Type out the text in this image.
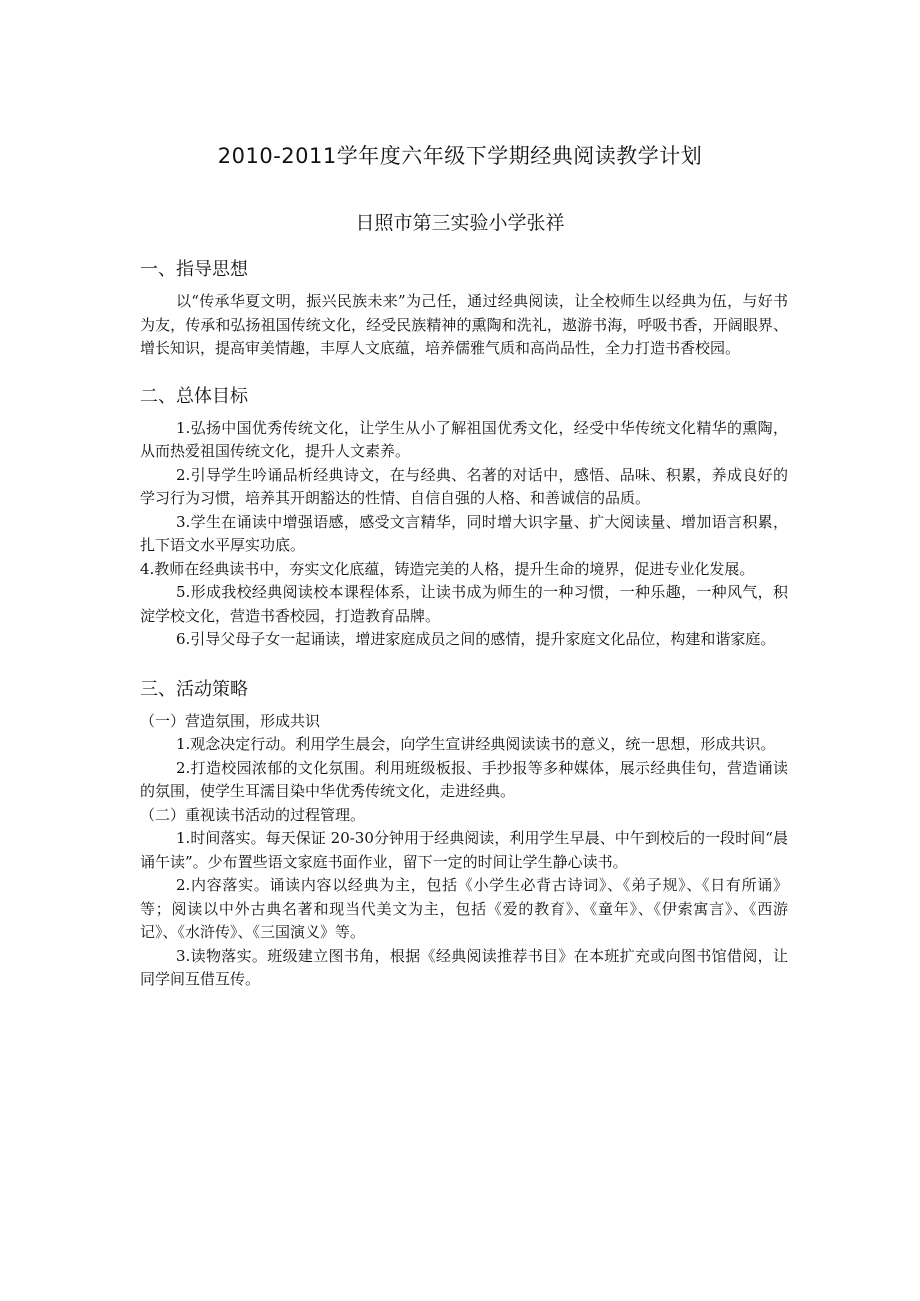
2010-2011学年度六年级下学期经典阅读教学计划
日照市第三实验小学张祥

一、指导思想

以“传承华夏文明，振兴民族未来”为己任，通过经典阅读，让全校师生以经典为伍，与好书为友，传承和弘扬祖国传统文化，经受民族精神的熏陶和洗礼，遨游书海，呼吸书香，开阔眼界、增长知识，提高审美情趣，丰厚人文底蕴，培养儒雅气质和高尚品性，全力打造书香校园。

二、总体目标

1.弘扬中国优秀传统文化，让学生从小了解祖国优秀文化，经受中华传统文化精华的熏陶，从而热爱祖国传统文化，提升人文素养。

2.引导学生吟诵品析经典诗文，在与经典、名著的对话中，感悟、品味、积累，养成良好的学习行为习惯，培养其开朗豁达的性情、自信自强的人格、和善诚信的品质。

3.学生在诵读中增强语感，感受文言精华，同时增大识字量、扩大阅读量、增加语言积累，扎下语文水平厚实功底。

4.教师在经典读书中，夯实文化底蕴，铸造完美的人格，提升生命的境界，促进专业化发展。

5.形成我校经典阅读校本课程体系，让读书成为师生的一种习惯，一种乐趣，一种风气，积淀学校文化，营造书香校园，打造教育品牌。

6.引导父母子女一起诵读，增进家庭成员之间的感情，提升家庭文化品位，构建和谐家庭。

三、活动策略

（一）营造氛围，形成共识

1.观念决定行动。利用学生晨会，向学生宣讲经典阅读读书的意义，统一思想，形成共识。

2.打造校园浓郁的文化氛围。利用班级板报、手抄报等多种媒体，展示经典佳句，营造诵读的氛围，使学生耳濡目染中华优秀传统文化，走进经典。

（二）重视读书活动的过程管理。

1.时间落实。每天保证 20-30分钟用于经典阅读，利用学生早晨、中午到校后的一段时间“晨诵午读”。少布置些语文家庭书面作业，留下一定的时间让学生静心读书。

2.内容落实。诵读内容以经典为主，包括《小学生必背古诗词》、《弟子规》、《日有所诵》等；阅读以中外古典名著和现当代美文为主，包括《爱的教育》、《童年》、《伊索寓言》、《西游记》、《水浒传》、《三国演义》等。

3.读物落实。班级建立图书角，根据《经典阅读推荐书目》在本班扩充或向图书馆借阅，让同学间互借互传。
